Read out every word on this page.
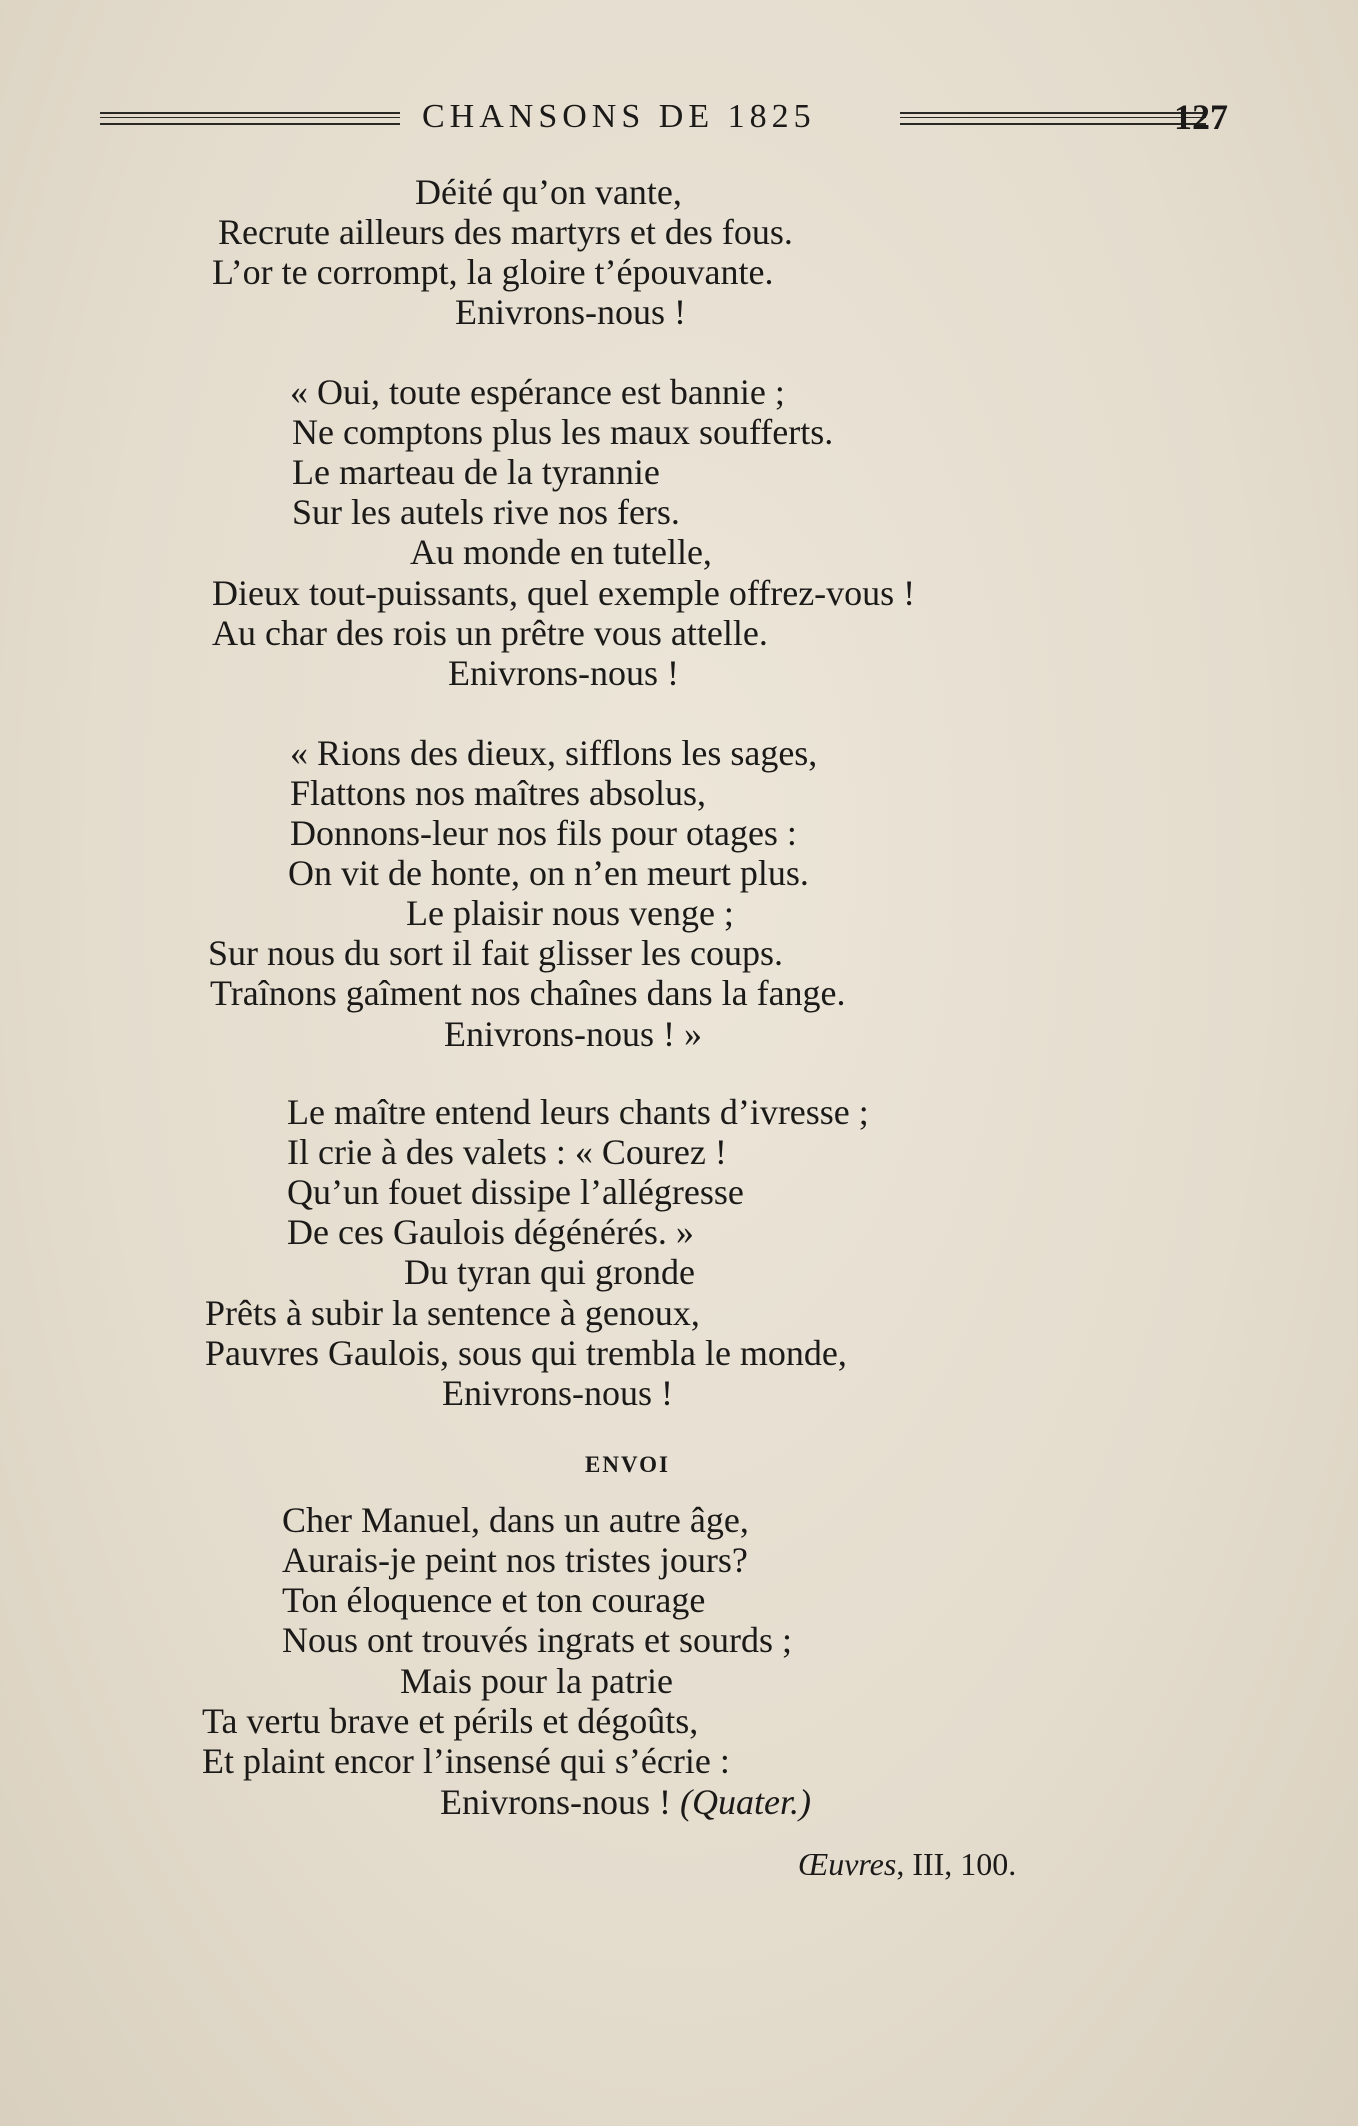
CHANSONS DE 1825	127
Déité qu’on vante,
Recrute ailleurs des martyrs et des fous.
L’or te corrompt, la gloire t’épouvante.
Enivrons-nous !
« Oui, toute espérance est bannie ;
Ne comptons plus les maux soufferts.
Le marteau de la tyrannie
Sur les autels rive nos fers.
Au monde en tutelle,
Dieux tout-puissants, quel exemple offrez-vous !
Au char des rois un prêtre vous attelle.
Enivrons-nous !
« Rions des dieux, sifflons les sages,
Flattons nos maîtres absolus,
Donnons-leur nos fils pour otages :
On vit de honte, on n’en meurt plus.
Le plaisir nous venge ;
Sur nous du sort il fait glisser les coups.
Traînons gaîment nos chaînes dans la fange.
Enivrons-nous ! »
Le maître entend leurs chants d’ivresse ;
Il crie à des valets : « Courez !
Qu’un fouet dissipe l’allégresse
De ces Gaulois dégénérés. »
Du tyran qui gronde
Prêts à subir la sentence à genoux,
Pauvres Gaulois, sous qui trembla le monde,
Enivrons-nous !
ENVOI
Cher Manuel, dans un autre âge,
Aurais-je peint nos tristes jours?
Ton éloquence et ton courage
Nous ont trouvés ingrats et sourds ;
Mais pour la patrie
Ta vertu brave et périls et dégoûts,
Et plaint encor l’insensé qui s’écrie :
Enivrons-nous ! (Quater.)
Œuvres, III, 100.
